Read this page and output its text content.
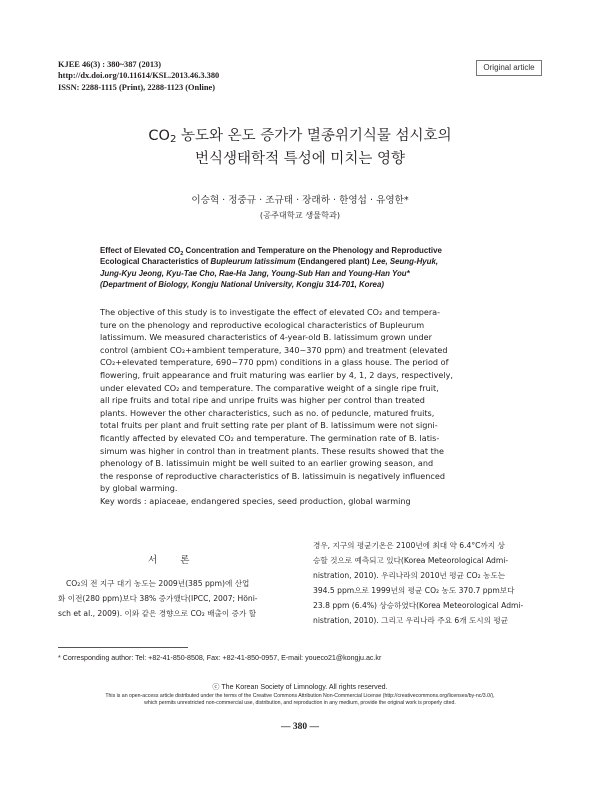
KJEE 46(3) : 380~387 (2013)
http://dx.doi.org/10.11614/KSL.2013.46.3.380
ISSN: 2288-1115 (Print), 2288-1123 (Online)
Original article
$CO_2$ 농도와 온도 증가가 멸종위기식물 섬시호의
번식생태학적 특성에 미치는 영향
이승혁 · 정중규 · 조규태 · 장래하 · 한영섭 · 유영한*
(공주대학교 생물학과)
Effect of Elevated $CO_2$ Concentration and Temperature on the Phenology and Reproductive
Ecological Characteristics of Bupleurum latissimum (Endangered plant) Lee, Seung-Hyuk,
Jung-Kyu Jeong, Kyu-Tae Cho, Rae-Ha Jang, Young-Sub Han and Young-Han You*
(Department of Biology, Kongju National University, Kongju 314-701, Korea)
The objective of this study is to investigate the effect of elevated CO₂ and tempera-
ture on the phenology and reproductive ecological characteristics of Bupleurum
latissimum. We measured characteristics of 4-year-old B. latissimum grown under
control (ambient CO₂+ambient temperature, 340~370 ppm) and treatment (elevated
CO₂+elevated temperature, 690~770 ppm) conditions in a glass house. The period of
flowering, fruit appearance and fruit maturing was earlier by 4, 1, 2 days, respectively,
under elevated CO₂ and temperature. The comparative weight of a single ripe fruit,
all ripe fruits and total ripe and unripe fruits was higher per control than treated
plants. However the other characteristics, such as no. of peduncle, matured fruits,
total fruits per plant and fruit setting rate per plant of B. latissimum were not signi-
ficantly affected by elevated CO₂ and temperature. The germination rate of B. latis-
simum was higher in control than in treatment plants. These results showed that the
phenology of B. latissimuin might be well suited to an earlier growing season, and
the response of reproductive characteristics of B. latissimuin is negatively influenced
by global warming.
Key words : apiaceae, endangered species, seed production, global warming
서 론
CO₂의 전 지구 대기 농도는 2009년(385 ppm)에 산업
화 이전(280 ppm)보다 38% 증가했다(IPCC, 2007; Höni-
sch et al., 2009). 이와 같은 경향으로 CO₂ 배출이 증가 할
경우, 지구의 평균기온은 2100년에 최대 약 6.4°C까지 상
승할 것으로 예측되고 있다(Korea Meteorological Admi-
nistration, 2010). 우리나라의 2010년 평균 CO₂ 농도는
394.5 ppm으로 1999년의 평균 CO₂ 농도 370.7 ppm보다
23.8 ppm (6.4%) 상승하였다(Korea Meteorological Admi-
nistration, 2010). 그리고 우리나라 주요 6개 도시의 평균
* Corresponding author: Tel: +82-41-850-8508, Fax: +82-41-850-0957, E-mail: youeco21@kongju.ac.kr
ⓒ The Korean Society of Limnology. All rights reserved.
This is an open-access article distributed under the terms of the Creative Commons Attribution Non-Commercial License (http://creativecommons.org/licenses/by-nc/3.0/),
which permits unrestricted non-commercial use, distribution, and reproduction in any medium, provide the original work is properly cited.
— 380 —
